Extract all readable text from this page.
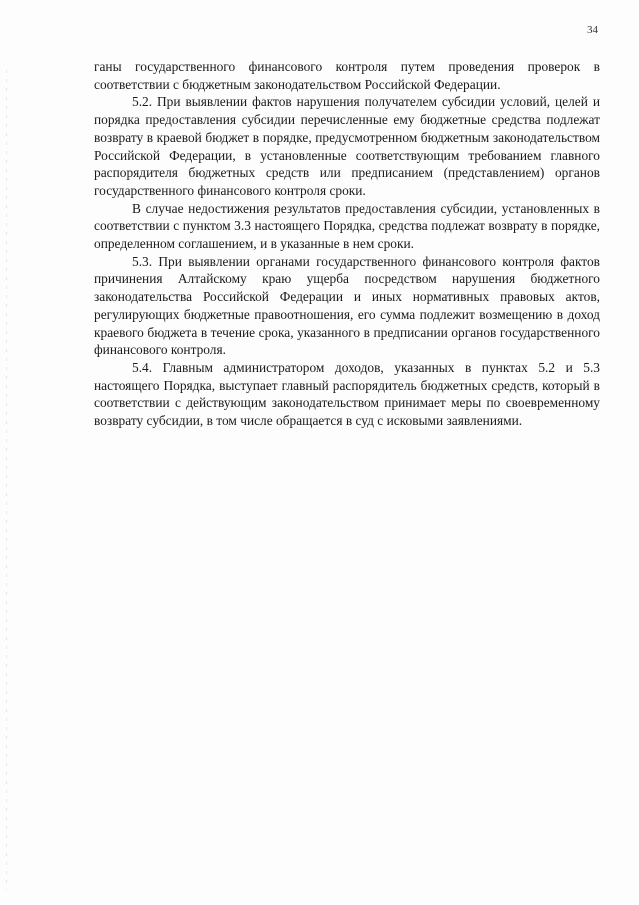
34

ганы государственного финансового контроля путем проведения проверок в соответствии с бюджетным законодательством Российской Федерации.

5.2. При выявлении фактов нарушения получателем субсидии условий, целей и порядка предоставления субсидии перечисленные ему бюджетные средства подлежат возврату в краевой бюджет в порядке, предусмотренном бюджетным законодательством Российской Федерации, в установленные соответствующим требованием главного распорядителя бюджетных средств или предписанием (представлением) органов государственного финансового контроля сроки.

В случае недостижения результатов предоставления субсидии, установленных в соответствии с пунктом 3.3 настоящего Порядка, средства подлежат возврату в порядке, определенном соглашением, и в указанные в нем сроки.

5.3. При выявлении органами государственного финансового контроля фактов причинения Алтайскому краю ущерба посредством нарушения бюджетного законодательства Российской Федерации и иных нормативных правовых актов, регулирующих бюджетные правоотношения, его сумма подлежит возмещению в доход краевого бюджета в течение срока, указанного в предписании органов государственного финансового контроля.

5.4. Главным администратором доходов, указанных в пунктах 5.2 и 5.3 настоящего Порядка, выступает главный распорядитель бюджетных средств, который в соответствии с действующим законодательством принимает меры по своевременному возврату субсидии, в том числе обращается в суд с исковыми заявлениями.
